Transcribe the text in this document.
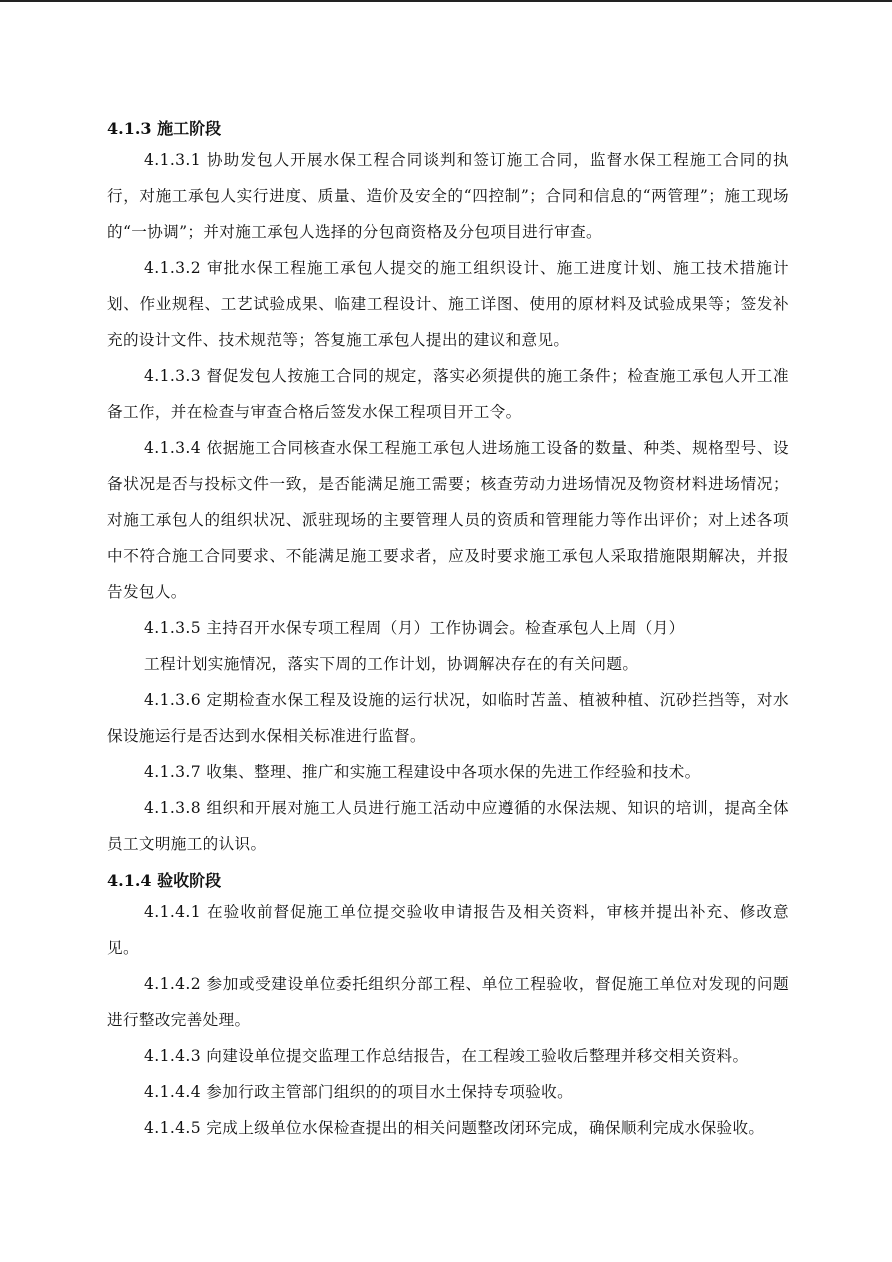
4.1.3 施工阶段

4.1.3.1 协助发包人开展水保工程合同谈判和签订施工合同，监督水保工程施工合同的执行，对施工承包人实行进度、质量、造价及安全的“四控制”；合同和信息的“两管理”；施工现场的“一协调”；并对施工承包人选择的分包商资格及分包项目进行审查。

4.1.3.2 审批水保工程施工承包人提交的施工组织设计、施工进度计划、施工技术措施计划、作业规程、工艺试验成果、临建工程设计、施工详图、使用的原材料及试验成果等；签发补充的设计文件、技术规范等；答复施工承包人提出的建议和意见。

4.1.3.3 督促发包人按施工合同的规定，落实必须提供的施工条件；检查施工承包人开工准备工作，并在检查与审查合格后签发水保工程项目开工令。

4.1.3.4 依据施工合同核查水保工程施工承包人进场施工设备的数量、种类、规格型号、设备状况是否与投标文件一致，是否能满足施工需要；核查劳动力进场情况及物资材料进场情况；对施工承包人的组织状况、派驻现场的主要管理人员的资质和管理能力等作出评价；对上述各项中不符合施工合同要求、不能满足施工要求者，应及时要求施工承包人采取措施限期解决，并报告发包人。

4.1.3.5 主持召开水保专项工程周（月）工作协调会。检查承包人上周（月）

工程计划实施情况，落实下周的工作计划，协调解决存在的有关问题。

4.1.3.6 定期检查水保工程及设施的运行状况，如临时苫盖、植被种植、沉砂拦挡等，对水保设施运行是否达到水保相关标准进行监督。

4.1.3.7 收集、整理、推广和实施工程建设中各项水保的先进工作经验和技术。

4.1.3.8 组织和开展对施工人员进行施工活动中应遵循的水保法规、知识的培训，提高全体员工文明施工的认识。

4.1.4 验收阶段

4.1.4.1 在验收前督促施工单位提交验收申请报告及相关资料，审核并提出补充、修改意见。

4.1.4.2 参加或受建设单位委托组织分部工程、单位工程验收，督促施工单位对发现的问题进行整改完善处理。

4.1.4.3 向建设单位提交监理工作总结报告，在工程竣工验收后整理并移交相关资料。

4.1.4.4 参加行政主管部门组织的的项目水土保持专项验收。

4.1.4.5 完成上级单位水保检查提出的相关问题整改闭环完成，确保顺利完成水保验收。
